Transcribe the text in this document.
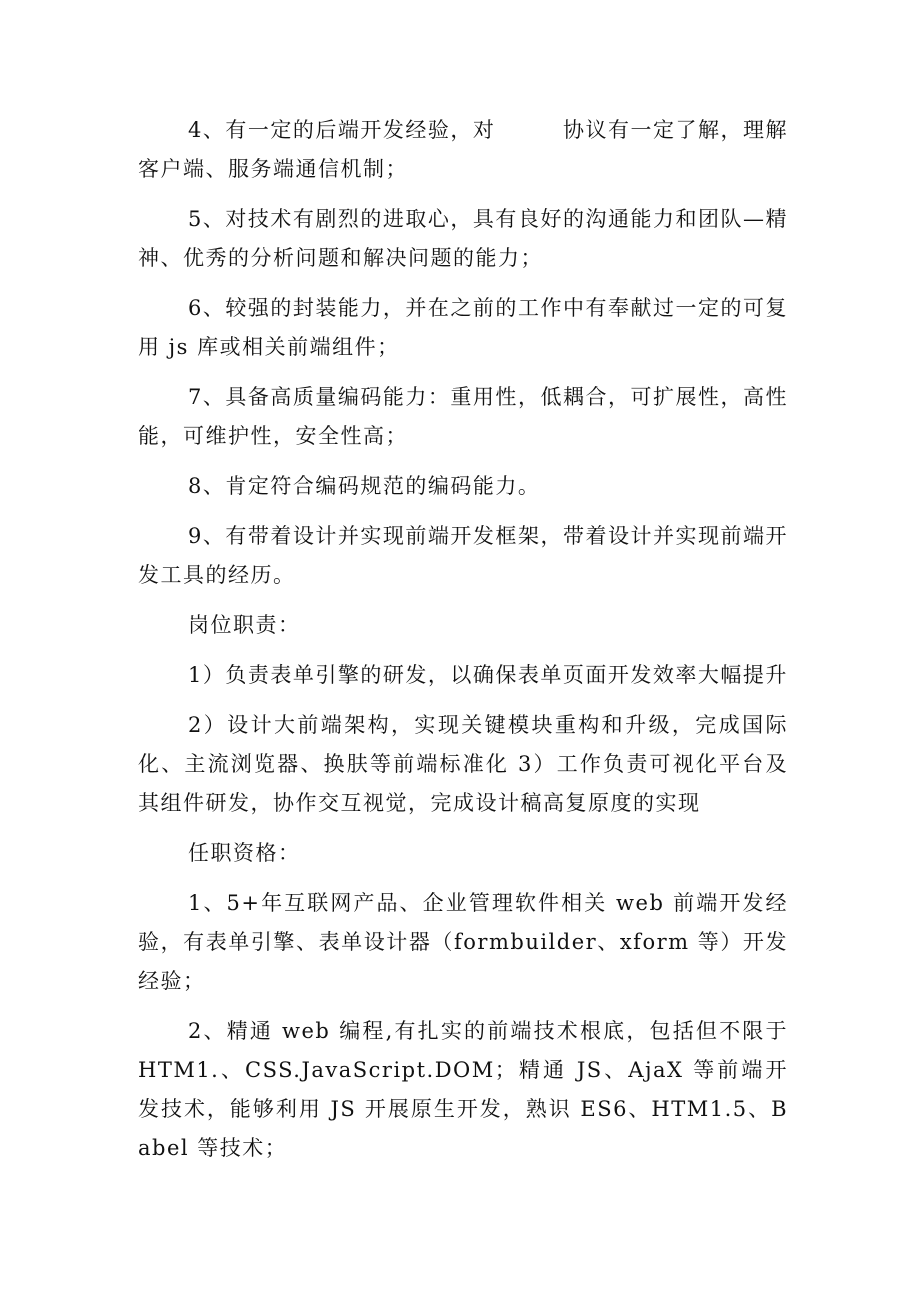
4、有一定的后端开发经验，对　　　协议有一定了解，理解客户端、服务端通信机制；

5、对技术有剧烈的进取心，具有良好的沟通能力和团队—精神、优秀的分析问题和解决问题的能力；

6、较强的封装能力，并在之前的工作中有奉献过一定的可复用 js 库或相关前端组件；

7、具备高质量编码能力：重用性，低耦合，可扩展性，高性能，可维护性，安全性高；

8、肯定符合编码规范的编码能力。

9、有带着设计并实现前端开发框架，带着设计并实现前端开发工具的经历。

岗位职责：

1）负责表单引擎的研发，以确保表单页面开发效率大幅提升

2）设计大前端架构，实现关键模块重构和升级，完成国际化、主流浏览器、换肤等前端标准化 3）工作负责可视化平台及其组件研发，协作交互视觉，完成设计稿高复原度的实现

任职资格：

1、5+年互联网产品、企业管理软件相关 web 前端开发经验，有表单引擎、表单设计器（formbuilder、xform 等）开发经验；

2、精通 web 编程,有扎实的前端技术根底，包括但不限于 HTM1.、CSS.JavaScript.DOM；精通 JS、AjaX 等前端开发技术，能够利用 JS 开展原生开发，熟识 ES6、HTM1.5、Babel 等技术；
